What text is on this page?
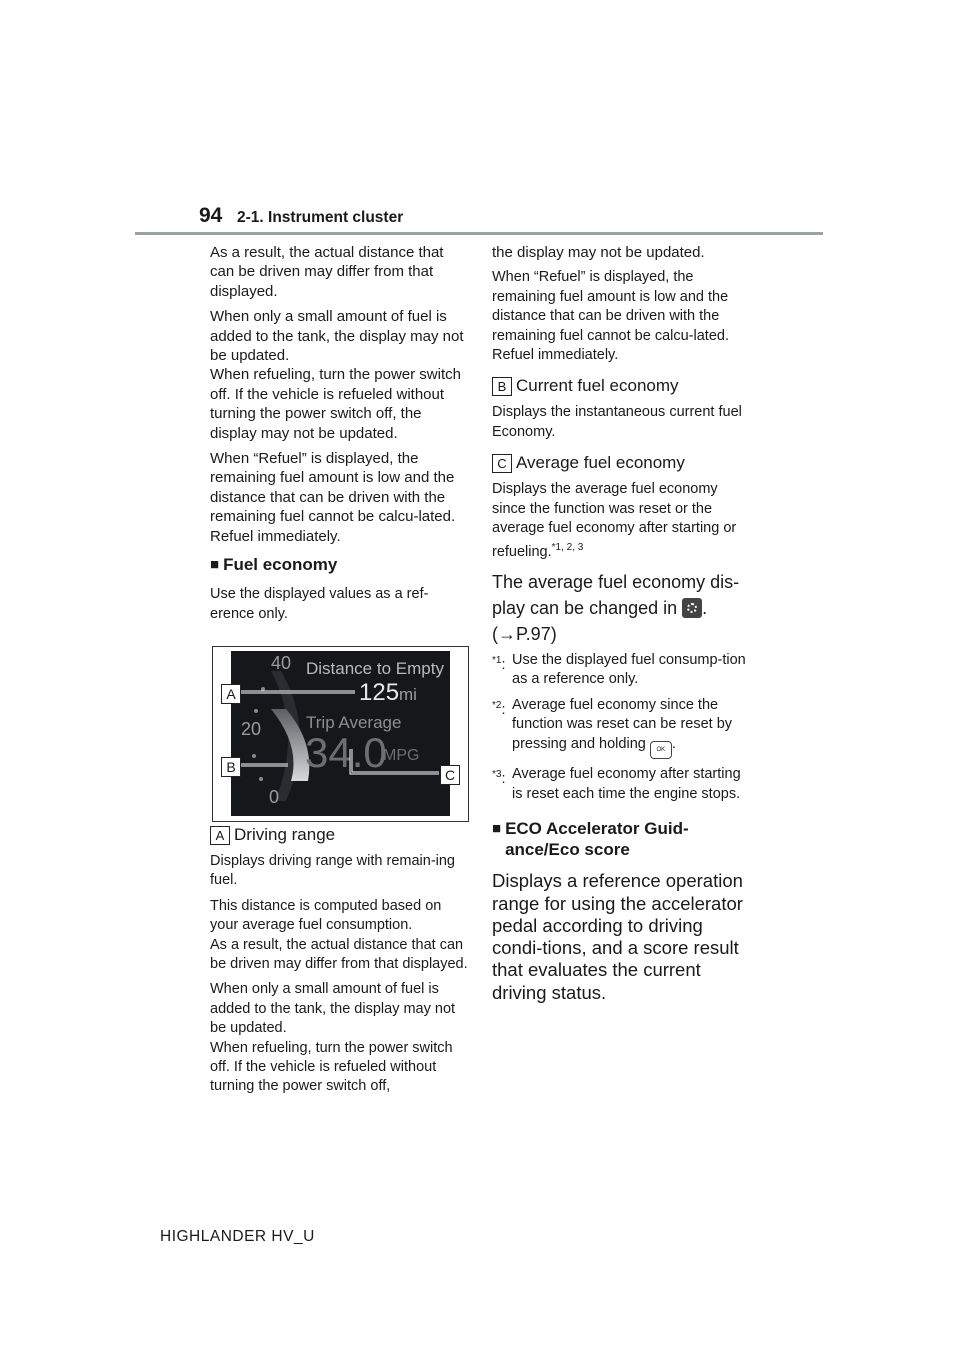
94 2-1. Instrument cluster

As a result, the actual distance that can be driven may differ from that displayed.

When only a small amount of fuel is added to the tank, the display may not be updated.

When refueling, turn the power switch off. If the vehicle is refueled without turning the power switch off, the display may not be updated.

When “Refuel” is displayed, the remaining fuel amount is low and the distance that can be driven with the remaining fuel cannot be calcu-lated.

Refuel immediately.

■ Fuel economy

Use the displayed values as a ref-erence only.

40
20
0
Distance to Empty
125 mi
Trip Average
34.0
MPG
A
B	C
A Driving range

Displays driving range with remain-ing fuel.

This distance is computed based on your average fuel consumption.

As a result, the actual distance that can be driven may differ from that displayed.

When only a small amount of fuel is added to the tank, the display may not be updated.

When refueling, turn the power switch off. If the vehicle is refueled without turning the power switch off,

the display may not be updated.

When “Refuel” is displayed, the remaining fuel amount is low and the distance that can be driven with the remaining fuel cannot be calcu-lated.

Refuel immediately.

B Current fuel economy

Displays the instantaneous current fuel Economy.

C Average fuel economy

Displays the average fuel economy since the function was reset or the average fuel economy after starting or refueling.$^{*1, 2, 3}$

The average fuel economy dis-play can be changed in .
(→P.97)

$^{*1}$: Use the displayed fuel consump-tion as a reference only.
$^{*2}$: Average fuel economy since the function was reset can be reset by pressing and holding OK .
$^{*3}$: Average fuel economy after starting is reset each time the engine stops.
■ ECO Accelerator Guid-ance/Eco score

Displays a reference operation range for using the accelerator pedal according to driving condi-tions, and a score result that evaluates the current driving status.

HIGHLANDER HV_U
